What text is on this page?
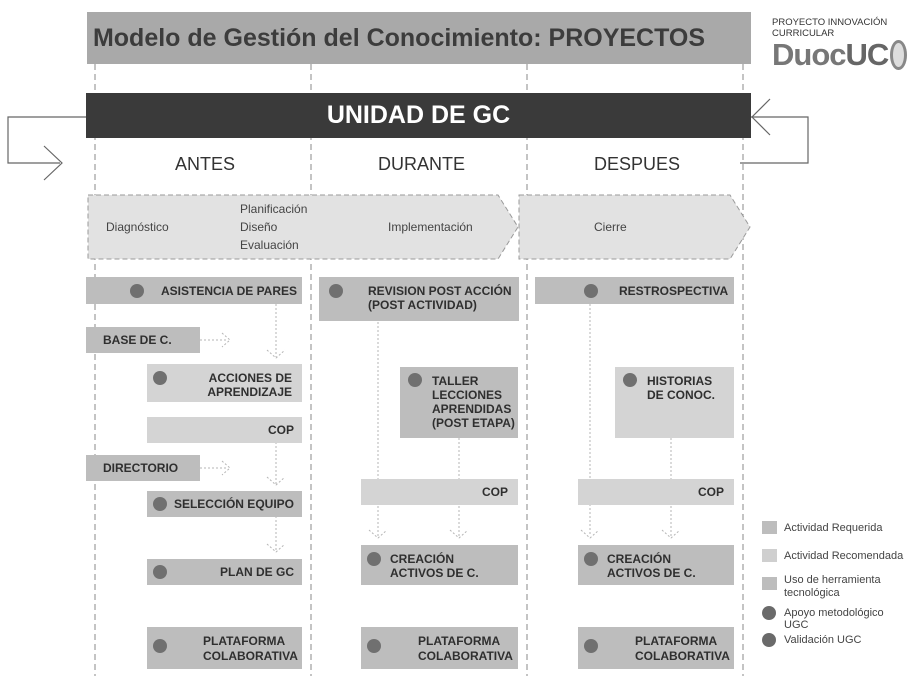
Modelo de Gestión del Conocimiento: PROYECTOS
PROYECTO INNOVACIÓN
CURRICULAR
Duoc UC
UNIDAD DE GC
ANTES	DURANTE	DESPUES
Diagnóstico
Planificación
Diseño
Evaluación
Implementación	Cierre
ASISTENCIA DE PARES
BASE DE C.
ACCIONES DE
APRENDIZAJE
COP
DIRECTORIO
SELECCIÓN EQUIPO
PLAN DE GC
PLATAFORMA
COLABORATIVA
REVISION POST ACCIÓN
(POST ACTIVIDAD)
TALLER
LECCIONES
APRENDIDAS
(POST ETAPA)
COP
CREACIÓN
ACTIVOS DE C.
PLATAFORMA
COLABORATIVA
RESTROSPECTIVA
HISTORIAS
DE CONOC.
COP
CREACIÓN
ACTIVOS DE C.
PLATAFORMA
COLABORATIVA
Actividad Requerida
Actividad Recomendada
Uso de herramienta
tecnológica
Apoyo metodológico UGC
Validación UGC
